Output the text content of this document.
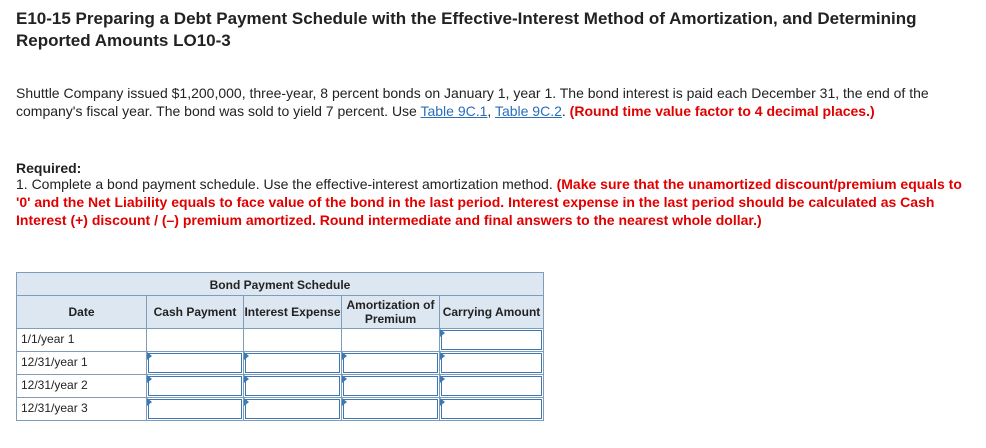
E10-15 Preparing a Debt Payment Schedule with the Effective-Interest Method of Amortization, and Determining Reported Amounts LO10-3
Shuttle Company issued $1,200,000, three-year, 8 percent bonds on January 1, year 1. The bond interest is paid each December 31, the end of the company's fiscal year. The bond was sold to yield 7 percent. Use Table 9C.1, Table 9C.2. (Round time value factor to 4 decimal places.)
Required:
1. Complete a bond payment schedule. Use the effective-interest amortization method. (Make sure that the unamortized discount/premium equals to '0' and the Net Liability equals to face value of the bond in the last period. Interest expense in the last period should be calculated as Cash Interest (+) discount / (–) premium amortized. Round intermediate and final answers to the nearest whole dollar.)
Bond Payment Schedule
Date	Cash Payment Interest Expense Amortization of Premium	Carrying Amount
1/1/year 1
12/31/year 1
12/31/year 2
12/31/year 3
